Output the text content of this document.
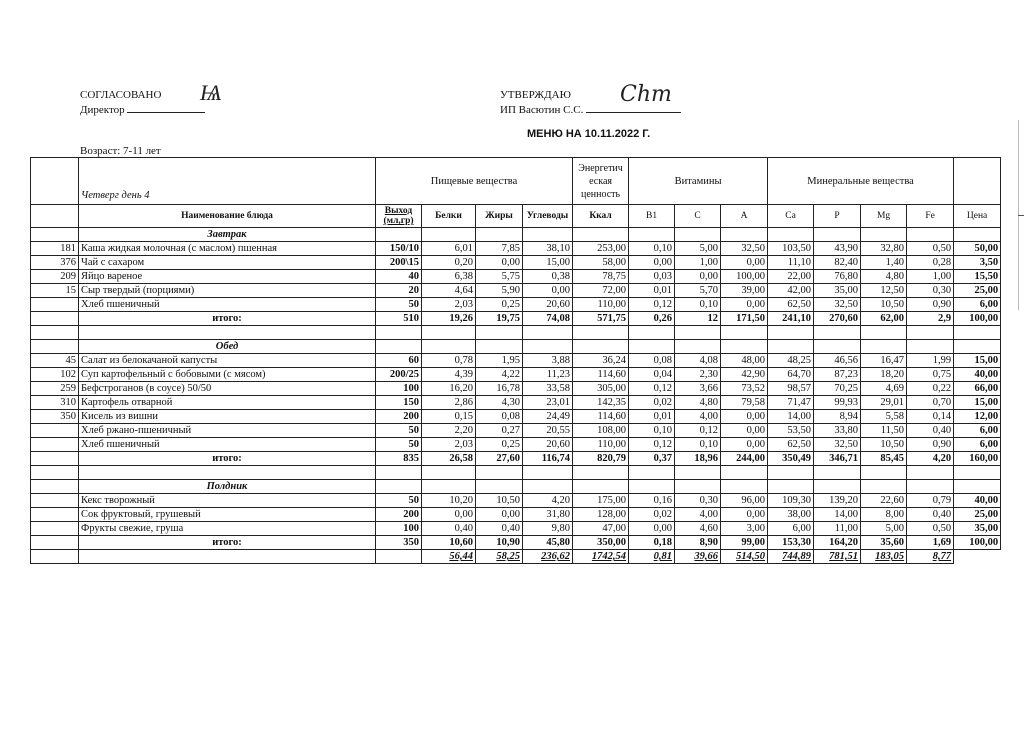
СОГЛАСОВАНО
Директор
Ѩ	УТВЕРЖДАЮ
ИП Васютин С.С.
Сhm
МЕНЮ НА 10.11.2022 Г.
Возраст: 7-11 лет
	Четверг день 4	Пищевые вещества				Энергетич еская ценность	Витамины			Минеральные вещества				
	Наименование блюда	Выход (мл,гр)	Белки	Жиры	Углеводы	Ккал	B1	C	A	Ca	P	Mg	Fe	Цена
	Завтрак													
181	Каша жидкая молочная (с маслом) пшенная	150/10	6,01	7,85	38,10	253,00	0,10	5,00	32,50	103,50	43,90	32,80	0,50	50,00
376	Чай с сахаром	200\15	0,20	0,00	15,00	58,00	0,00	1,00	0,00	11,10	82,40	1,40	0,28	3,50
209	Яйцо вареное	40	6,38	5,75	0,38	78,75	0,03	0,00	100,00	22,00	76,80	4,80	1,00	15,50
15	Сыр твердый (порциями)	20	4,64	5,90	0,00	72,00	0,01	5,70	39,00	42,00	35,00	12,50	0,30	25,00
	Хлеб пшеничный	50	2,03	0,25	20,60	110,00	0,12	0,10	0,00	62,50	32,50	10,50	0,90	6,00
	итого:	510	19,26	19,75	74,08	571,75	0,26	12	171,50	241,10	270,60	62,00	2,9	100,00

	Обед													
45	Салат из белокачаной капусты	60	0,78	1,95	3,88	36,24	0,08	4,08	48,00	48,25	46,56	16,47	1,99	15,00
102	Суп картофельный с бобовыми (с мясом)	200/25	4,39	4,22	11,23	114,60	0,04	2,30	42,90	64,70	87,23	18,20	0,75	40,00
259	Бефстроганов (в соусе) 50/50	100	16,20	16,78	33,58	305,00	0,12	3,66	73,52	98,57	70,25	4,69	0,22	66,00
310	Картофель отварной	150	2,86	4,30	23,01	142,35	0,02	4,80	79,58	71,47	99,93	29,01	0,70	15,00
350	Кисель из вишни	200	0,15	0,08	24,49	114,60	0,01	4,00	0,00	14,00	8,94	5,58	0,14	12,00
	Хлеб ржано-пшеничный	50	2,20	0,27	20,55	108,00	0,10	0,12	0,00	53,50	33,80	11,50	0,40	6,00
	Хлеб пшеничный	50	2,03	0,25	20,60	110,00	0,12	0,10	0,00	62,50	32,50	10,50	0,90	6,00
	итого:	835	26,58	27,60	116,74	820,79	0,37	18,96	244,00	350,49	346,71	85,45	4,20	160,00

	Полдник													
	Кекс творожный	50	10,20	10,50	4,20	175,00	0,16	0,30	96,00	109,30	139,20	22,60	0,79	40,00
	Сок фруктовый, грушевый	200	0,00	0,00	31,80	128,00	0,02	4,00	0,00	38,00	14,00	8,00	0,40	25,00
	Фрукты свежие, груша	100	0,40	0,40	9,80	47,00	0,00	4,60	3,00	6,00	11,00	5,00	0,50	35,00
	итого:	350	10,60	10,90	45,80	350,00	0,18	8,90	99,00	153,30	164,20	35,60	1,69	100,00
			56,44	58,25	236,62	1742,54	0,81	39,66	514,50	744,89	781,51	183,05	8,77	
